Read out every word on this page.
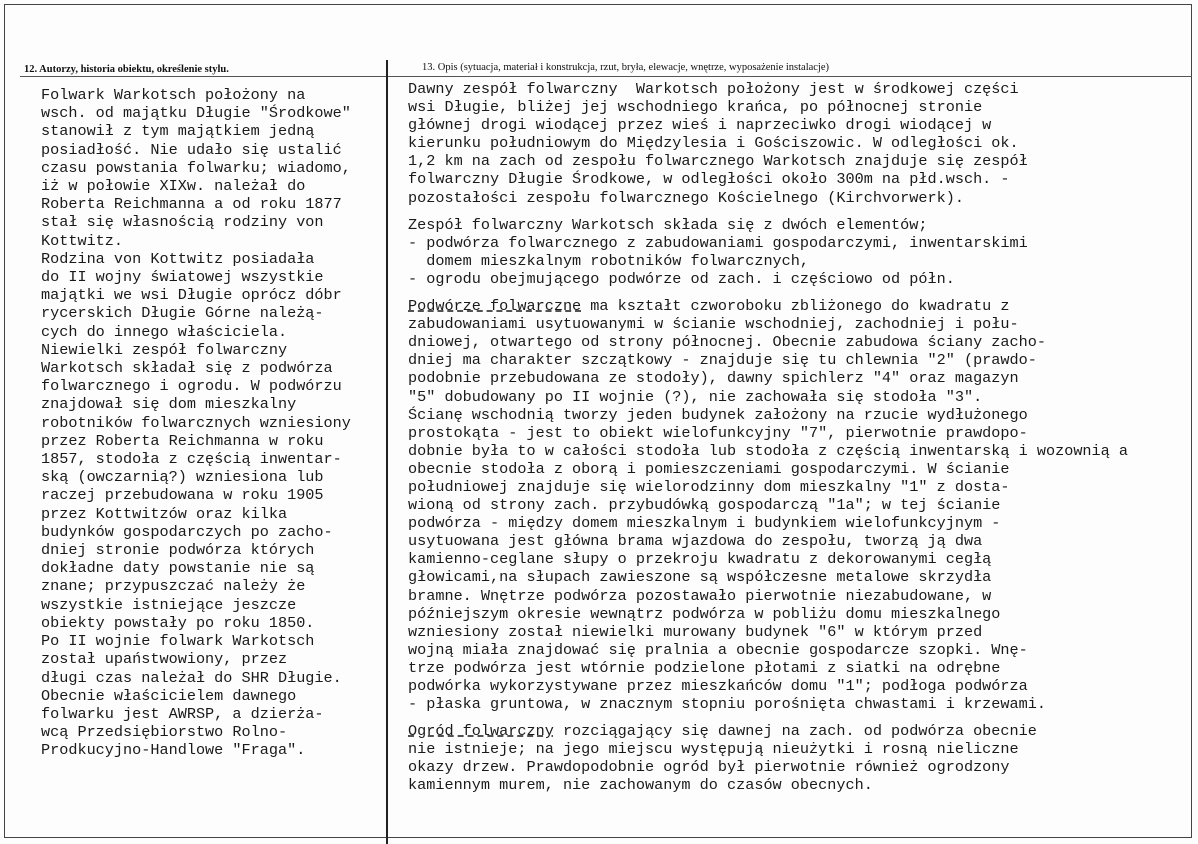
12. Autorzy, historia obiektu, określenie stylu.	13. Opis (sytuacja, materiał i konstrukcja, rzut, bryła, elewacje, wnętrze, wyposażenie instalacje)
Folwark Warkotsch położony na
wsch. od majątku Długie "Środkowe"
stanowił z tym majątkiem jedną
posiadłość. Nie udało się ustalić
czasu powstania folwarku; wiadomo,
iż w połowie XIXw. należał do
Roberta Reichmanna a od roku 1877
stał się własnością rodziny von
Kottwitz.
Rodzina von Kottwitz posiadała
do II wojny światowej wszystkie
majątki we wsi Długie oprócz dóbr
rycerskich Długie Górne należą-
cych do innego właściciela.
Niewielki zespół folwarczny
Warkotsch składał się z podwórza
folwarcznego i ogrodu. W podwórzu
znajdował się dom mieszkalny
robotników folwarcznych wzniesiony
przez Roberta Reichmanna w roku
1857, stodoła z częścią inwentar-
ską (owczarnią?) wzniesiona lub
raczej przebudowana w roku 1905
przez Kottwitzów oraz kilka
budynków gospodarczych po zacho-
dniej stronie podwórza których
dokładne daty powstanie nie są
znane; przypuszczać należy że
wszystkie istniejące jeszcze
obiekty powstały po roku 1850.
Po II wojnie folwark Warkotsch
został upaństwowiony, przez
długi czas należał do SHR Długie.
Obecnie właścicielem dawnego
folwarku jest AWRSP, a dzierża-
wcą Przedsiębiorstwo Rolno-
Prodkucyjno-Handlowe "Fraga".
Dawny zespół folwarczny  Warkotsch położony jest w środkowej części
wsi Długie, bliżej jej wschodniego krańca, po północnej stronie
głównej drogi wiodącej przez wieś i naprzeciwko drogi wiodącej w
kierunku południowym do Międzylesia i Gościszowic. W odległości ok.
1,2 km na zach od zespołu folwarcznego Warkotsch znajduje się zespół
folwarczny Długie Środkowe, w odległości około 300m na płd.wsch. -
pozostałości zespołu folwarcznego Kościelnego (Kirchvorwerk).
Zespół folwarczny Warkotsch składa się z dwóch elementów;
- podwórza folwarcznego z zabudowaniami gospodarczymi, inwentarskimi
domem mieszkalnym robotników folwarcznych,
- ogrodu obejmującego podwórze od zach. i częściowo od półn.
Podwórze folwarczne ma kształt czworoboku zbliżonego do kwadratu z
zabudowaniami usytuowanymi w ścianie wschodniej, zachodniej i połu-
dniowej, otwartego od strony północnej. Obecnie zabudowa ściany zacho-
dniej ma charakter szczątkowy - znajduje się tu chlewnia "2" (prawdo-
podobnie przebudowana ze stodoły), dawny spichlerz "4" oraz magazyn
"5" dobudowany po II wojnie (?), nie zachowała się stodoła "3".
Ścianę wschodnią tworzy jeden budynek założony na rzucie wydłużonego
prostokąta - jest to obiekt wielofunkcyjny "7", pierwotnie prawdopo-
dobnie była to w całości stodoła lub stodoła z częścią inwentarską i wozownią a
obecnie stodoła z oborą i pomieszczeniami gospodarczymi. W ścianie
południowej znajduje się wielorodzinny dom mieszkalny "1" z dosta-
wioną od strony zach. przybudówką gospodarczą "1a"; w tej ścianie
podwórza - między domem mieszkalnym i budynkiem wielofunkcyjnym -
usytuowana jest główna brama wjazdowa do zespołu, tworzą ją dwa
kamienno-ceglane słupy o przekroju kwadratu z dekorowanymi cegłą
głowicami,na słupach zawieszone są współczesne metalowe skrzydła
bramne. Wnętrze podwórza pozostawało pierwotnie niezabudowane, w
późniejszym okresie wewnątrz podwórza w pobliżu domu mieszkalnego
wzniesiony został niewielki murowany budynek "6" w którym przed
wojną miała znajdować się pralnia a obecnie gospodarcze szopki. Wnę-
trze podwórza jest wtórnie podzielone płotami z siatki na odrębne
podwórka wykorzystywane przez mieszkańców domu "1"; podłoga podwórza
- płaska gruntowa, w znacznym stopniu porośnięta chwastami i krzewami.
Ogród folwarczny rozciągający się dawnej na zach. od podwórza obecnie
nie istnieje; na jego miejscu występują nieużytki i rosną nieliczne
okazy drzew. Prawdopodobnie ogród był pierwotnie również ogrodzony
kamiennym murem, nie zachowanym do czasów obecnych.
